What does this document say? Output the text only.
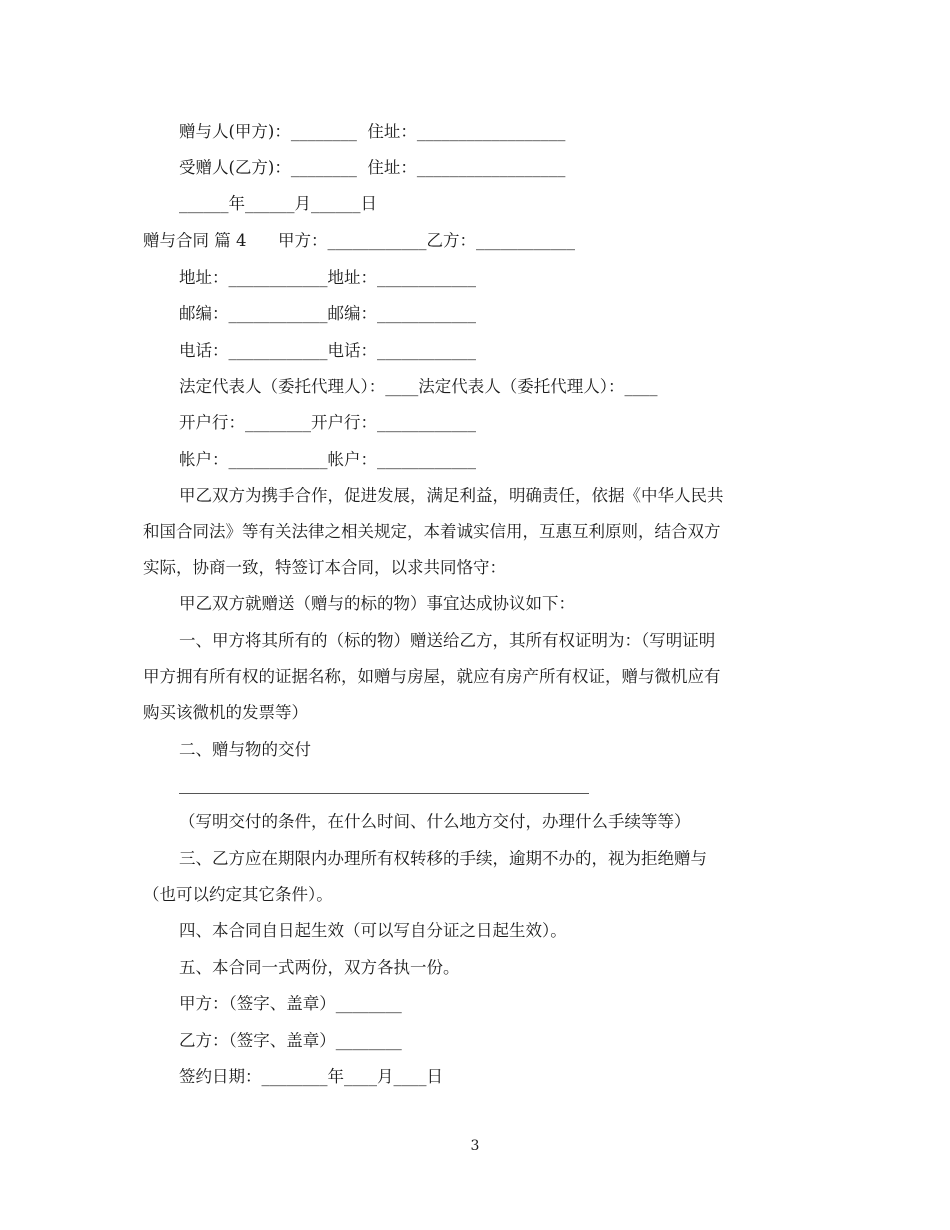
赠与人(甲方)：________  住址：__________________
受赠人(乙方)：________  住址：__________________
______年______月______日
赠与合同 篇 4      甲方：____________乙方：____________
地址：____________地址：____________
邮编：____________邮编：____________
电话：____________电话：____________
法定代表人（委托代理人）：____法定代表人（委托代理人）：____
开户行：________开户行：____________
帐户：____________帐户：____________
甲乙双方为携手合作，促进发展，满足利益，明确责任，依据《中华人民共
和国合同法》等有关法律之相关规定，本着诚实信用，互惠互利原则，结合双方
实际，协商一致，特签订本合同，以求共同恪守：
甲乙双方就赠送（赠与的标的物）事宜达成协议如下：
一、甲方将其所有的（标的物）赠送给乙方，其所有权证明为：（写明证明
甲方拥有所有权的证据名称，如赠与房屋，就应有房产所有权证，赠与微机应有
购买该微机的发票等）
二、赠与物的交付
（写明交付的条件，在什么时间、什么地方交付，办理什么手续等等）
三、乙方应在期限内办理所有权转移的手续，逾期不办的，视为拒绝赠与
（也可以约定其它条件）。
四、本合同自日起生效（可以写自分证之日起生效）。
五、本合同一式两份，双方各执一份。
甲方：（签字、盖章）________
乙方：（签字、盖章）________
签约日期：________年____月____日
3
